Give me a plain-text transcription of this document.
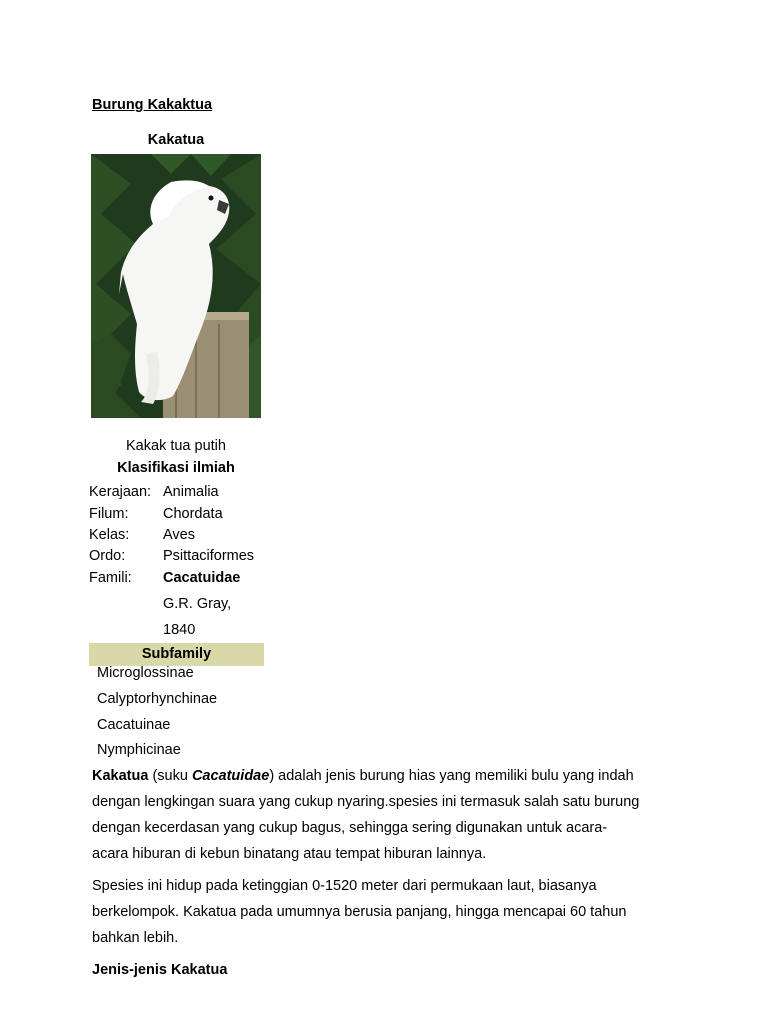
Burung Kakaktua
Kakatua
Kakak tua putih
Klasifikasi ilmiah
Kerajaan: Animalia
Filum: Chordata
Kelas: Aves
Ordo:	Psittaciformes
Famili: Cacatuidae
G.R. Gray,
1840
Subfamily
Microglossinae
Calyptorhynchinae
Cacatuinae
Nymphicinae
Kakatua (suku Cacatuidae) adalah jenis burung hias yang memiliki bulu yang indah
dengan lengkingan suara yang cukup nyaring.spesies ini termasuk salah satu burung
dengan kecerdasan yang cukup bagus, sehingga sering digunakan untuk acara-
acara hiburan di kebun binatang atau tempat hiburan lainnya.
Spesies ini hidup pada ketinggian 0-1520 meter dari permukaan laut, biasanya
berkelompok. Kakatua pada umumnya berusia panjang, hingga mencapai 60 tahun
bahkan lebih.
Jenis-jenis Kakatua
